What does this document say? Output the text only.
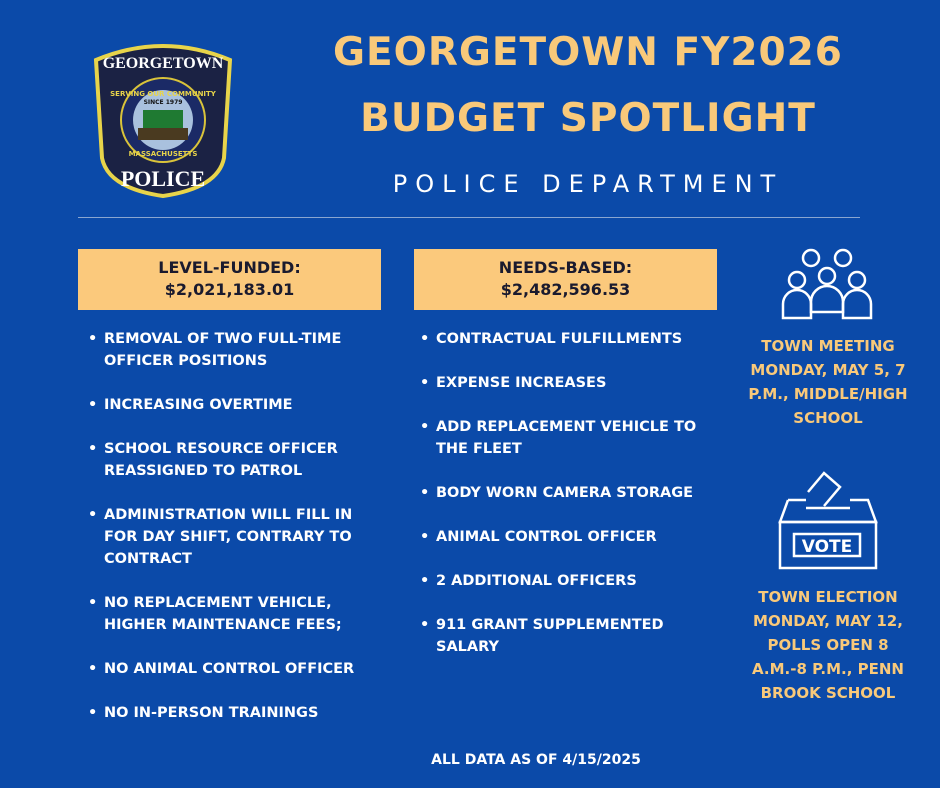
GEORGETOWN
SINCE 1979
SERVING OUR COMMUNITY
MASSACHUSETTS
POLICE
GEORGETOWN FY2026
BUDGET SPOTLIGHT
POLICE DEPARTMENT
LEVEL-FUNDED:
$2,021,183.01
NEEDS-BASED:
$2,482,596.53
• REMOVAL OF TWO FULL-TIME OFFICER POSITIONS
• INCREASING OVERTIME
• SCHOOL RESOURCE OFFICER REASSIGNED TO PATROL
• ADMINISTRATION WILL FILL IN FOR DAY SHIFT, CONTRARY TO CONTRACT
• NO REPLACEMENT VEHICLE, HIGHER MAINTENANCE FEES;
• NO ANIMAL CONTROL OFFICER
• NO IN-PERSON TRAININGS
• CONTRACTUAL FULFILLMENTS
• EXPENSE INCREASES
• ADD REPLACEMENT VEHICLE TO THE FLEET
• BODY WORN CAMERA STORAGE
• ANIMAL CONTROL OFFICER
• 2 ADDITIONAL OFFICERS
• 911 GRANT SUPPLEMENTED SALARY
TOWN MEETING MONDAY, MAY 5, 7 P.M., MIDDLE/HIGH SCHOOL
VOTE
TOWN ELECTION MONDAY, MAY 12, POLLS OPEN 8 A.M.-8 P.M., PENN BROOK SCHOOL
ALL DATA AS OF 4/15/2025
